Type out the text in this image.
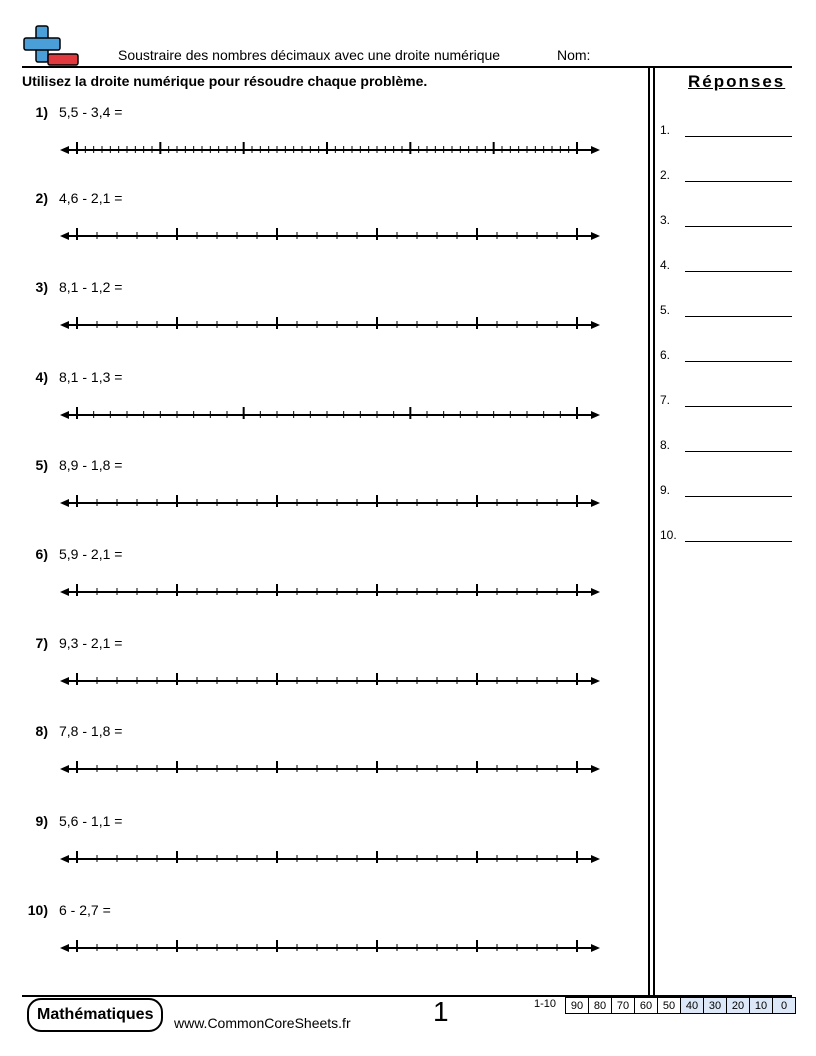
Soustraire des nombres décimaux avec une droite numérique	Nom:
Utilisez la droite numérique pour résoudre chaque problème.	Réponses
1.
2.
3.
4.
5.
6.
7.
8.
9.
10.
1) 5,5 - 3,4 =
2) 4,6 - 2,1 =
3) 8,1 - 1,2 =
4) 8,1 - 1,3 =
5) 8,9 - 1,8 =
6) 5,9 - 2,1 =
7) 9,3 - 2,1 =
8) 7,8 - 1,8 =
9) 5,6 - 1,1 =
10) 6 - 2,7 =
Mathématiques	www.CommonCoreSheets.fr	1	1-10 90	80	70	60	50	40	30	20	10	0
